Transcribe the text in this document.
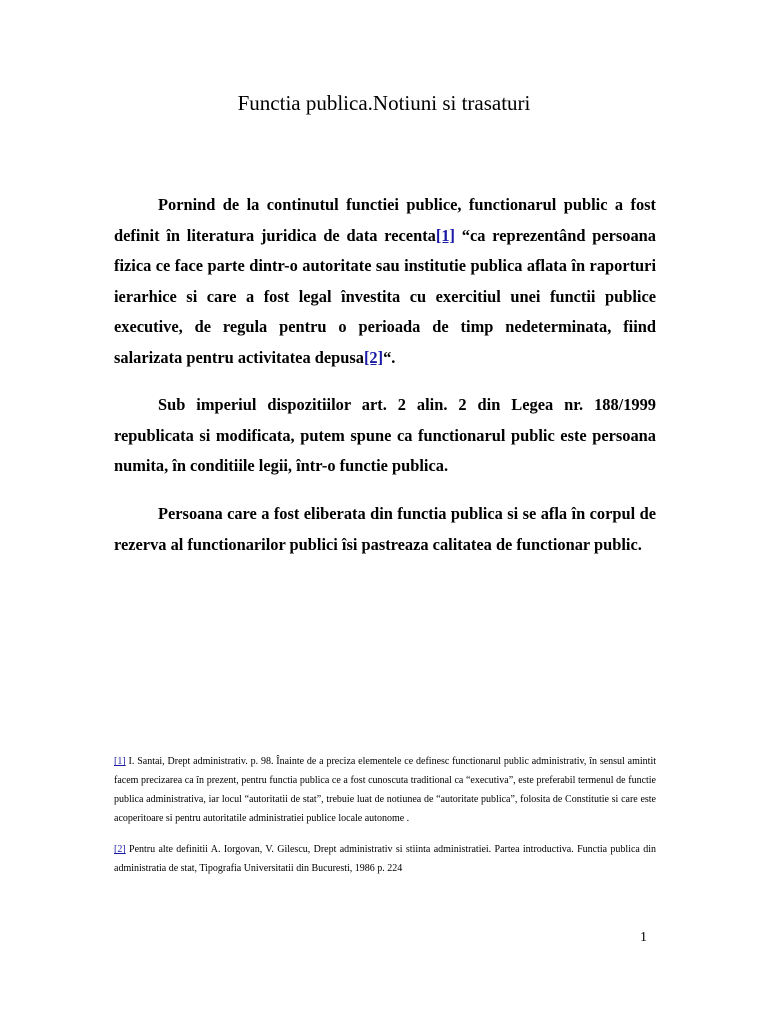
Functia publica.Notiuni si trasaturi

Pornind de la continutul functiei publice, functionarul public a fost definit în literatura juridica de data recenta[1] “ca reprezentând persoana fizica ce face parte dintr-o autoritate sau institutie publica aflata în raporturi ierarhice si care a fost legal învestita cu exercitiul unei functii publice executive, de regula pentru o perioada de timp nedeterminata, fiind salarizata pentru activitatea depusa[2]“.

Sub imperiul dispozitiilor art. 2 alin. 2 din Legea nr. 188/1999 republicata si modificata, putem spune ca functionarul public este persoana numita, în conditiile legii, într-o functie publica.

Persoana care a fost eliberata din functia publica si se afla în corpul de rezerva al functionarilor publici îsi pastreaza calitatea de functionar public.

[1] I. Santai, Drept administrativ. p. 98. Înainte de a preciza elementele ce definesc functionarul public administrativ, în sensul amintit facem precizarea ca în prezent, pentru functia publica ce a fost cunoscuta traditional ca “executiva”, este preferabil termenul de functie publica administrativa, iar locul “autoritatii de stat”, trebuie luat de notiunea de “autoritate publica”, folosita de Constitutie si care este acoperitoare si pentru autoritatile administratiei publice locale autonome .

[2] Pentru alte definitii A. Iorgovan, V. Gilescu, Drept administrativ si stiinta administratiei. Partea introductiva. Functia publica din administratia de stat, Tipografia Universitatii din Bucuresti, 1986 p. 224

1
